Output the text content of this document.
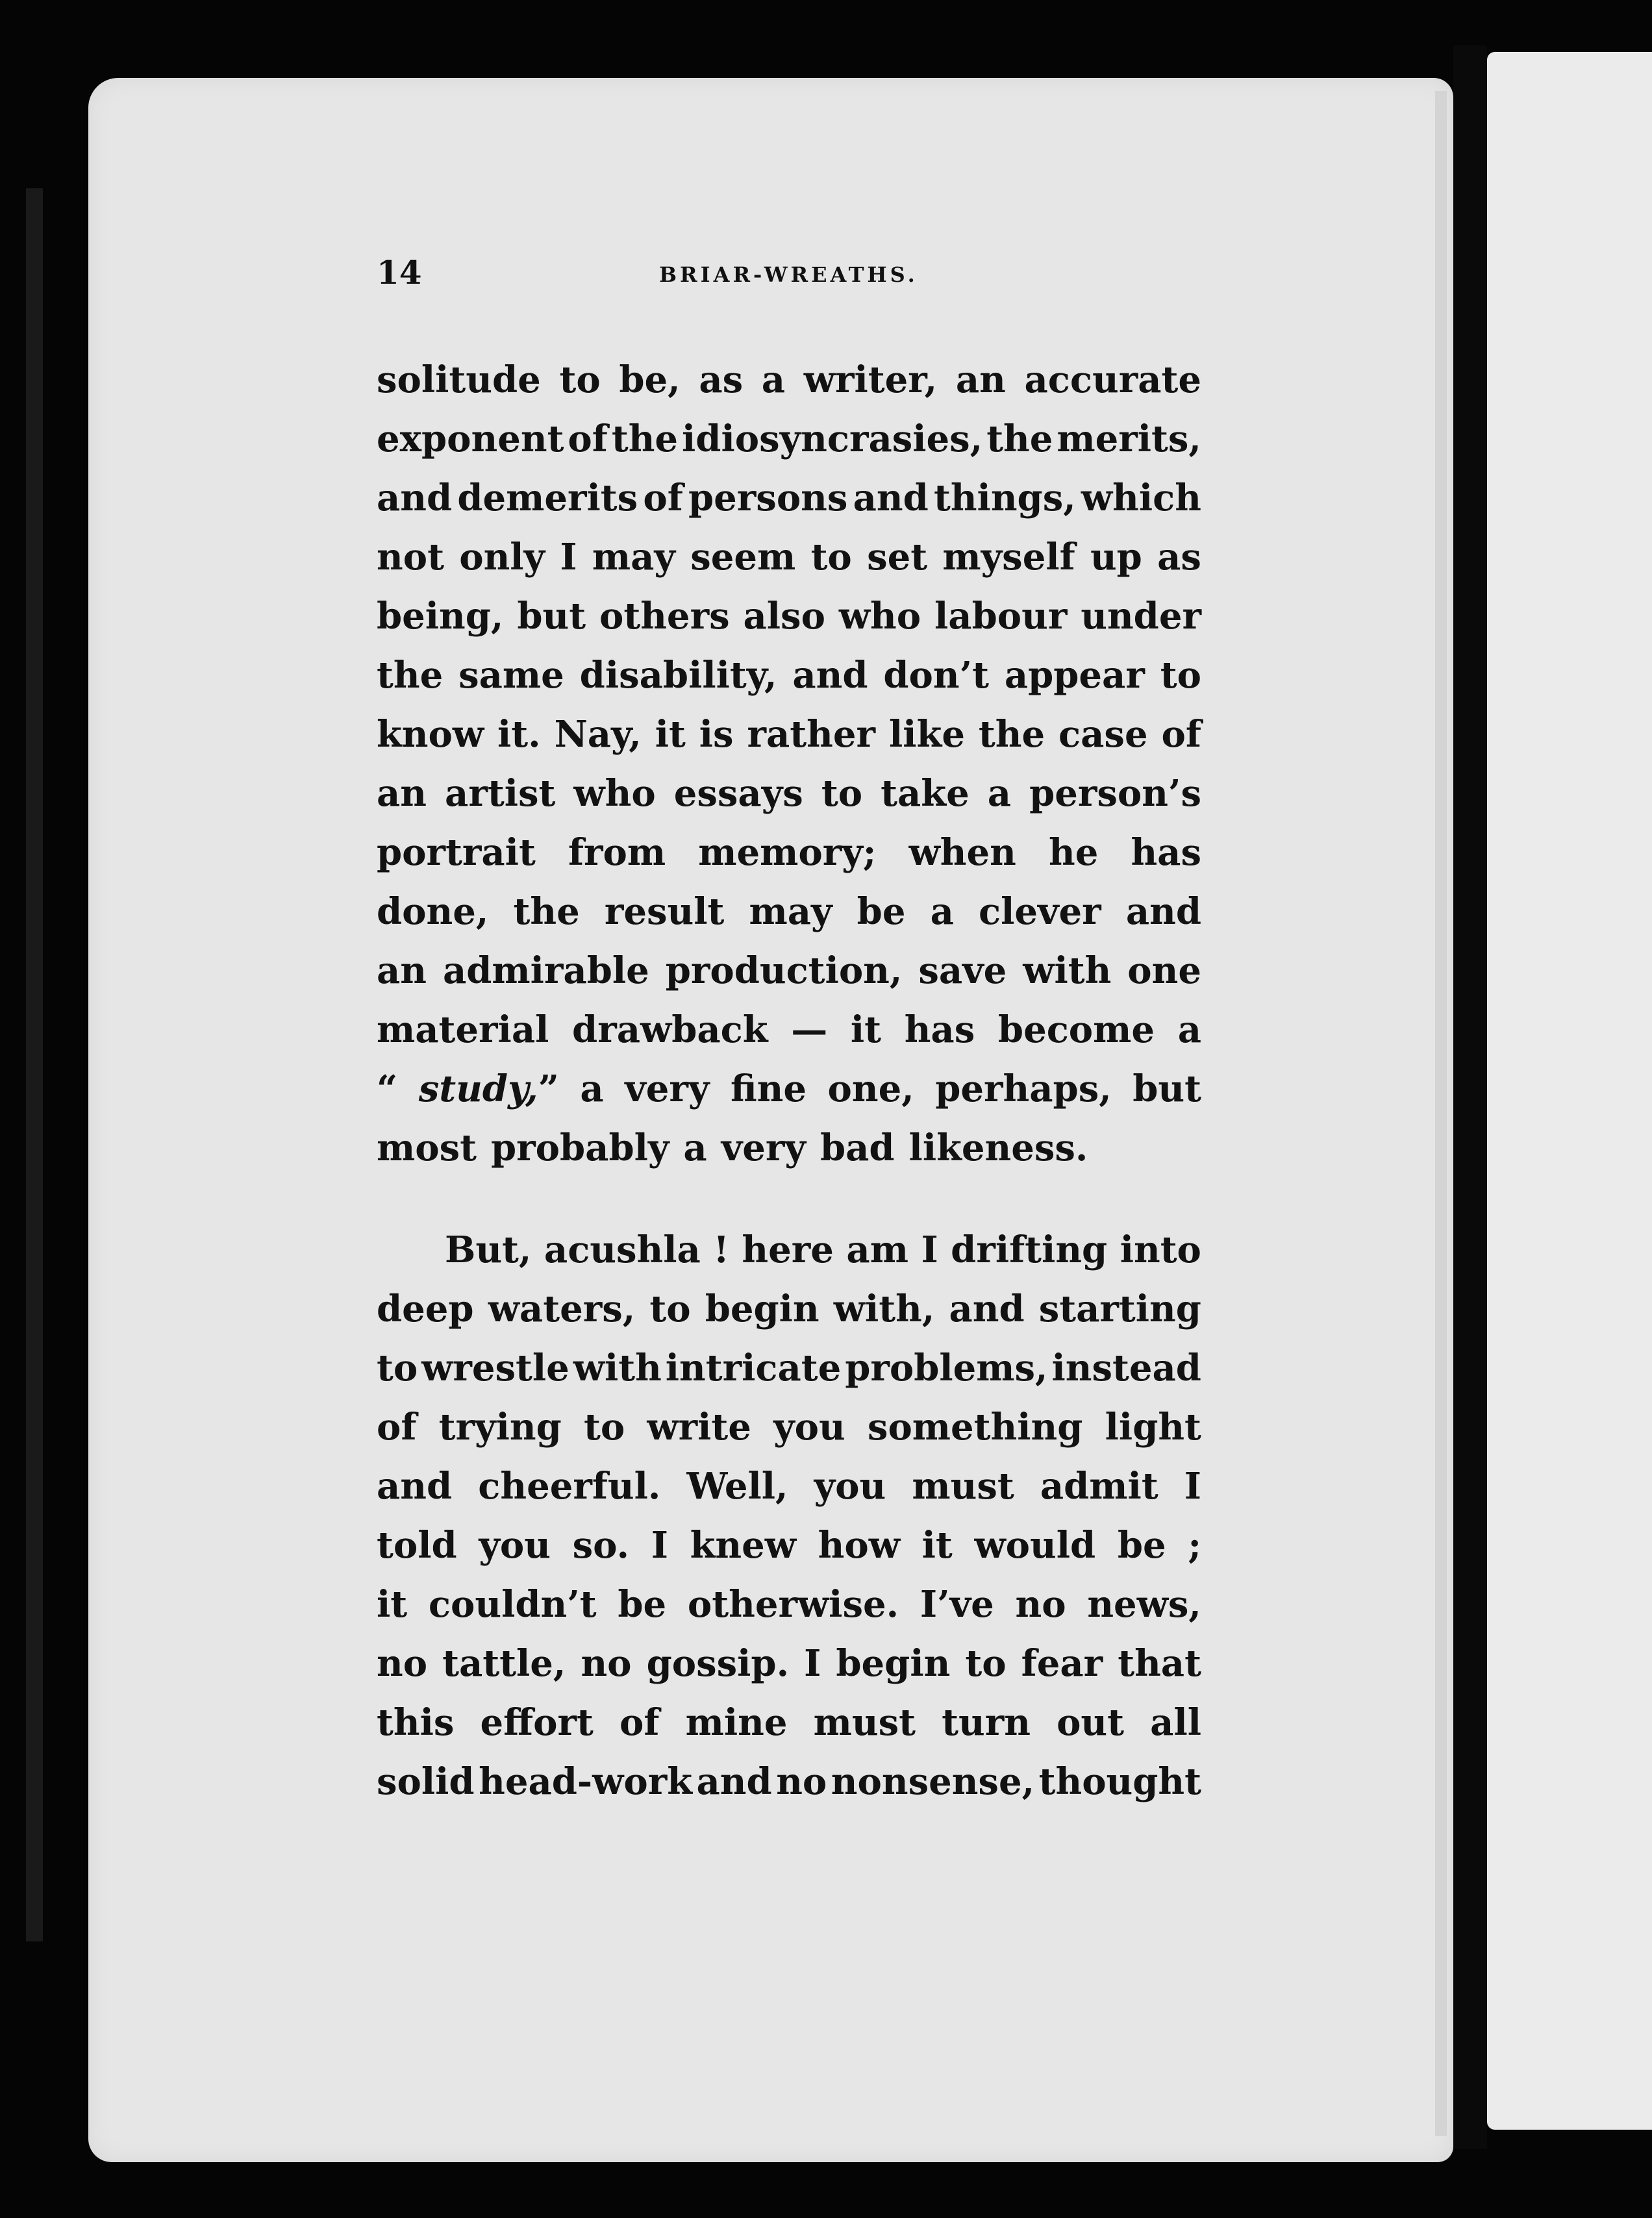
14	BRIAR-WREATHS.
solitude to be, as a writer, an accurate
exponent of the idiosyncrasies, the merits,
and demerits of persons and things, which
not only I may seem to set myself up as
being, but others also who labour under
the same disability, and don’t appear to
know it. Nay, it is rather like the case of
an artist who essays to take a person’s
portrait from memory; when he has
done, the result may be a clever and
an admirable production, save with one
material drawback — it has become a
“ study,” a very fine one, perhaps, but
most probably a very bad likeness.
But, acushla ! here am I drifting into
deep waters, to begin with, and starting
to wrestle with intricate problems, instead
of trying to write you something light
and cheerful. Well, you must admit I
told you so. I knew how it would be ;
it couldn’t be otherwise. I’ve no news,
no tattle, no gossip. I begin to fear that
this effort of mine must turn out all
solid head-work and no nonsense, thought
